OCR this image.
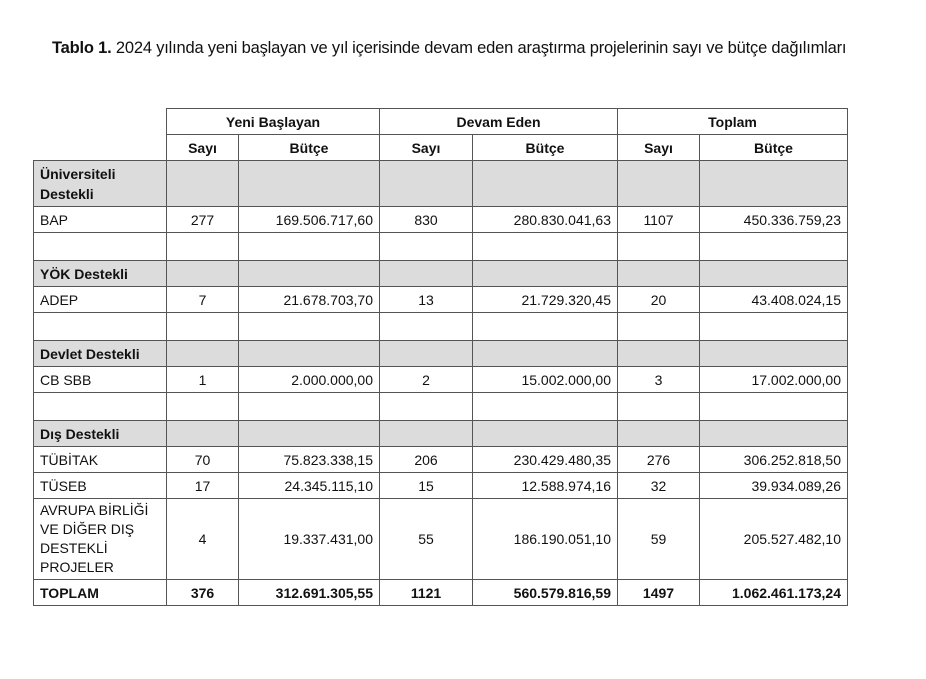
Tablo 1. 2024 yılında yeni başlayan ve yıl içerisinde devam eden araştırma projelerinin sayı ve bütçe dağılımları
	Yeni Başlayan		Devam Eden		Toplam	
	Sayı	Bütçe	Sayı	Bütçe	Sayı	Bütçe
Üniversiteli Destekli						
BAP	277	169.506.717,60	830	280.830.041,63	1107	450.336.759,23

YÖK Destekli						
ADEP	7	21.678.703,70	13	21.729.320,45	20	43.408.024,15

Devlet Destekli						
CB SBB	1	2.000.000,00	2	15.002.000,00	3	17.002.000,00

Dış Destekli						
TÜBİTAK	70	75.823.338,15	206	230.429.480,35	276	306.252.818,50
TÜSEB	17	24.345.115,10	15	12.588.974,16	32	39.934.089,26
AVRUPA BİRLİĞİ VE DİĞER DIŞ DESTEKLİ PROJELER	4	19.337.431,00	55	186.190.051,10	59	205.527.482,10
TOPLAM	376	312.691.305,55	1121	560.579.816,59	1497	1.062.461.173,24
